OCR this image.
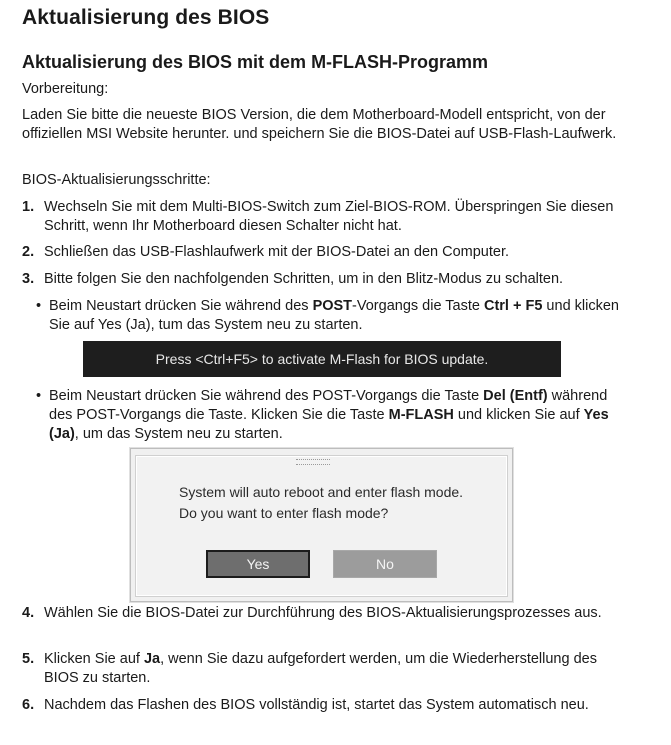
Aktualisierung des BIOS
Aktualisierung des BIOS mit dem M-FLASH-Programm
Vorbereitung:
Laden Sie bitte die neueste BIOS Version, die dem Motherboard-Modell entspricht, von der offiziellen MSI Website herunter. und speichern Sie die BIOS-Datei auf USB-Flash-Laufwerk.
BIOS-Aktualisierungsschritte:
1. Wechseln Sie mit dem Multi-BIOS-Switch zum Ziel-BIOS-ROM. Überspringen Sie diesen Schritt, wenn Ihr Motherboard diesen Schalter nicht hat.
2. Schließen das USB-Flashlaufwerk mit der BIOS-Datei an den Computer.
3. Bitte folgen Sie den nachfolgenden Schritten, um in den Blitz-Modus zu schalten.
• Beim Neustart drücken Sie während des POST-Vorgangs die Taste Ctrl + F5 und klicken Sie auf Yes (Ja), tum das System neu zu starten.
Press <Ctrl+F5> to activate M-Flash for BIOS update.
• Beim Neustart drücken Sie während des POST-Vorgangs die Taste Del (Entf) während des POST-Vorgangs die Taste. Klicken Sie die Taste M-FLASH und klicken Sie auf Yes (Ja), um das System neu zu starten.
System will auto reboot and enter flash mode.
Do you want to enter flash mode?
Yes	No
4. Wählen Sie die BIOS-Datei zur Durchführung des BIOS-Aktualisierungsprozesses aus.
5. Klicken Sie auf Ja, wenn Sie dazu aufgefordert werden, um die Wiederherstellung des BIOS zu starten.
6. Nachdem das Flashen des BIOS vollständig ist, startet das System automatisch neu.
